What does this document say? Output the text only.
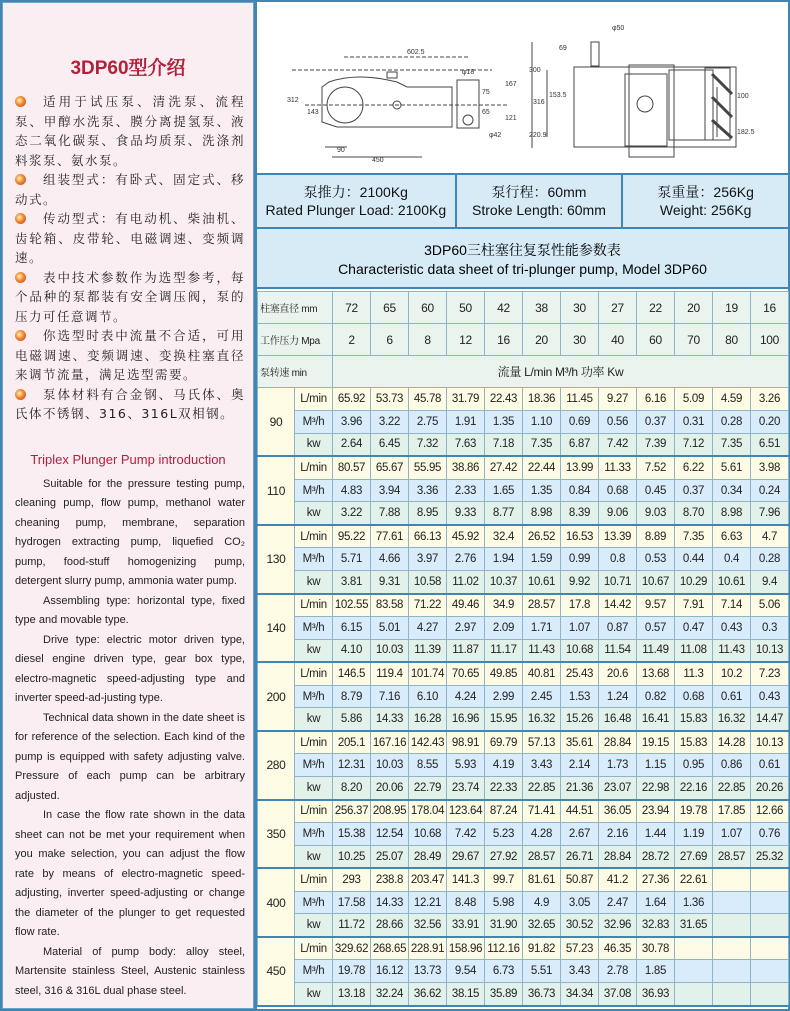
3DP60型介绍
适用于试压泵、清洗泵、流程泵、甲醇水洗泵、膜分离提氢泵、液态二氧化碳泵、食品均质泵、洗涤剂料浆泵、氨水泵。
组装型式：有卧式、固定式、移动式。
传动型式：有电动机、柴油机、齿轮箱、皮带轮、电磁调速、变频调速。
表中技术参数作为选型参考，每个品种的泵都装有安全调压阀，泵的压力可任意调节。
你选型时表中流量不合适，可用电磁调速、变频调速、变换柱塞直径来调节流量，满足选型需要。
泵体材料有合金钢、马氏体、奥氏体不锈钢、316、316L双相钢。
Triplex Plunger Pump introduction

Suitable for the pressure testing pump, cleaning pump, flow pump, methanol water cheaning pump, membrane, separation hydrogen extracting pump, liquefied CO₂ pump, food-stuff homogenizing pump, detergent slurry pump, ammonia water pump.

Assembling type: horizontal type, fixed type and movable type.

Drive type: electric motor driven type, diesel engine driven type, gear box type, electro-magnetic speed-adjusting type and inverter speed-ad-justing type.

Technical data shown in the date sheet is for reference of the selection. Each kind of the pump is equipped with safety adjusting valve. Pressure of each pump can be arbitrary adjusted.

In case the flow rate shown in the data sheet can not be met your requirement when you make selection, you can adjust the flow rate by means of electro-magnetic speed-adjusting, inverter speed-adjusting or change the diameter of the plunger to get requested flow rate.

Material of pump body: alloy steel, Martensite stainless Steel, Austenic stainless steel, 316 & 316L dual phase steel.

602.5
φ18
312
143
75
65
167
121
φ42
90
450
φ50
69
300
153.5
316
220.9
100
182.5
泵推力：2100Kg
Rated Plunger Load: 2100Kg
泵行程：60mm
Stroke Length: 60mm
泵重量：256Kg
Weight: 256Kg
3DP60三柱塞往复泵性能参数表
Characteristic data sheet of tri-plunger pump, Model 3DP60
柱塞直径 mm		72	65	60	50	42	38	30	27	22	20	19	16
工作压力 Mpa		2	6	8	12	16	20	30	40	60	70	80	100
泵转速 min		流量 L/min M³/h 功率 Kw											
90	L/min	65.92	53.73	45.78	31.79	22.43	18.36	11.45	9.27	6.16	5.09	4.59	3.26
	M³/h	3.96	3.22	2.75	1.91	1.35	1.10	0.69	0.56	0.37	0.31	0.28	0.20
	kw	2.64	6.45	7.32	7.63	7.18	7.35	6.87	7.42	7.39	7.12	7.35	6.51
110	L/min	80.57	65.67	55.95	38.86	27.42	22.44	13.99	11.33	7.52	6.22	5.61	3.98
	M³/h	4.83	3.94	3.36	2.33	1.65	1.35	0.84	0.68	0.45	0.37	0.34	0.24
	kw	3.22	7.88	8.95	9.33	8.77	8.98	8.39	9.06	9.03	8.70	8.98	7.96
130	L/min	95.22	77.61	66.13	45.92	32.4	26.52	16.53	13.39	8.89	7.35	6.63	4.7
	M³/h	5.71	4.66	3.97	2.76	1.94	1.59	0.99	0.8	0.53	0.44	0.4	0.28
	kw	3.81	9.31	10.58	11.02	10.37	10.61	9.92	10.71	10.67	10.29	10.61	9.4
140	L/min	102.55	83.58	71.22	49.46	34.9	28.57	17.8	14.42	9.57	7.91	7.14	5.06
	M³/h	6.15	5.01	4.27	2.97	2.09	1.71	1.07	0.87	0.57	0.47	0.43	0.3
	kw	4.10	10.03	11.39	11.87	11.17	11.43	10.68	11.54	11.49	11.08	11.43	10.13
200	L/min	146.5	119.4	101.74	70.65	49.85	40.81	25.43	20.6	13.68	11.3	10.2	7.23
	M³/h	8.79	7.16	6.10	4.24	2.99	2.45	1.53	1.24	0.82	0.68	0.61	0.43
	kw	5.86	14.33	16.28	16.96	15.95	16.32	15.26	16.48	16.41	15.83	16.32	14.47
280	L/min	205.1	167.16	142.43	98.91	69.79	57.13	35.61	28.84	19.15	15.83	14.28	10.13
	M³/h	12.31	10.03	8.55	5.93	4.19	3.43	2.14	1.73	1.15	0.95	0.86	0.61
	kw	8.20	20.06	22.79	23.74	22.33	22.85	21.36	23.07	22.98	22.16	22.85	20.26
350	L/min	256.37	208.95	178.04	123.64	87.24	71.41	44.51	36.05	23.94	19.78	17.85	12.66
	M³/h	15.38	12.54	10.68	7.42	5.23	4.28	2.67	2.16	1.44	1.19	1.07	0.76
	kw	10.25	25.07	28.49	29.67	27.92	28.57	26.71	28.84	28.72	27.69	28.57	25.32
400	L/min	293	238.8	203.47	141.3	99.7	81.61	50.87	41.2	27.36	22.61		
	M³/h	17.58	14.33	12.21	8.48	5.98	4.9	3.05	2.47	1.64	1.36		
	kw	11.72	28.66	32.56	33.91	31.90	32.65	30.52	32.96	32.83	31.65		
450	L/min	329.62	268.65	228.91	158.96	112.16	91.82	57.23	46.35	30.78			
	M³/h	19.78	16.12	13.73	9.54	6.73	5.51	3.43	2.78	1.85			
	kw	13.18	32.24	36.62	38.15	35.89	36.73	34.34	37.08	36.93			
